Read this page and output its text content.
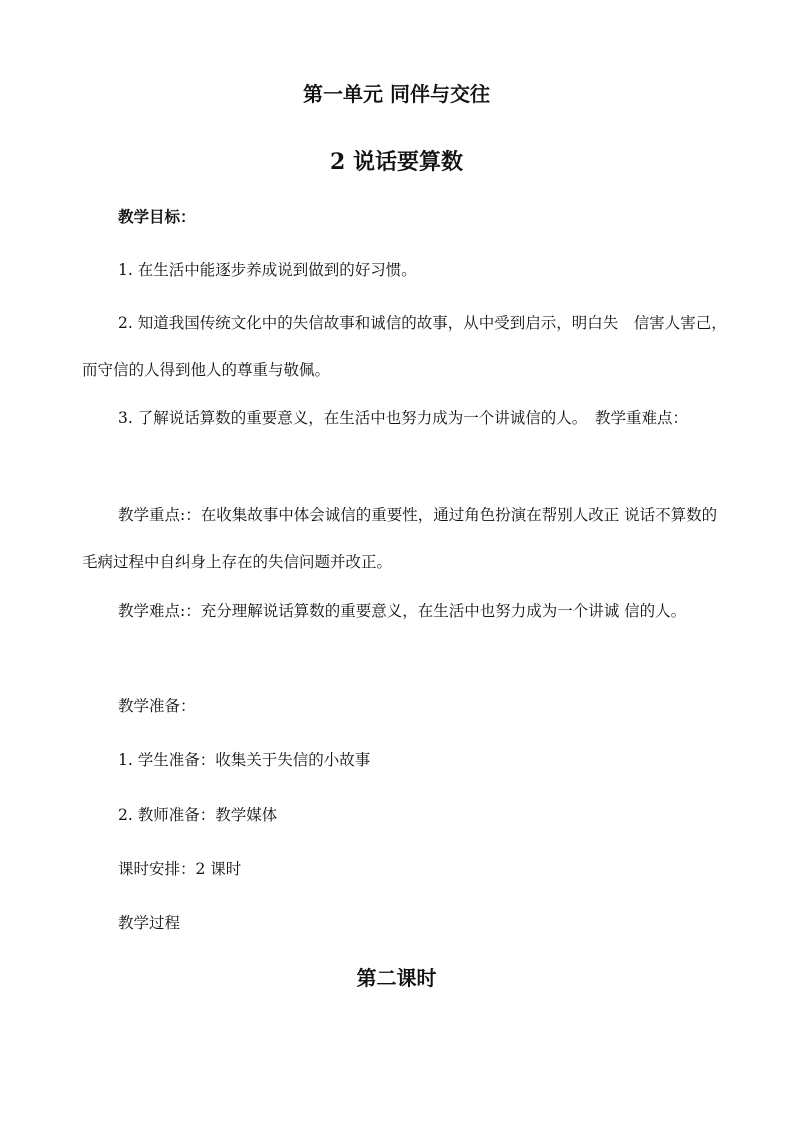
第一单元 同伴与交往
2 说话要算数

教学目标：

1. 在生活中能逐步养成说到做到的好习惯。

2. 知道我国传统文化中的失信故事和诚信的故事，从中受到启示，明白失　信害人害己，而守信的人得到他人的尊重与敬佩。

3. 了解说话算数的重要意义，在生活中也努力成为一个讲诚信的人。　教学重难点：

教学重点:：在收集故事中体会诚信的重要性，通过角色扮演在帮别人改正 说话不算数的毛病过程中自纠身上存在的失信问题并改正。

教学难点:：充分理解说话算数的重要意义，在生活中也努力成为一个讲诚 信的人。

教学准备：

1. 学生准备：收集关于失信的小故事

2. 教师准备：教学媒体

课时安排：2 课时

教学过程

第二课时
